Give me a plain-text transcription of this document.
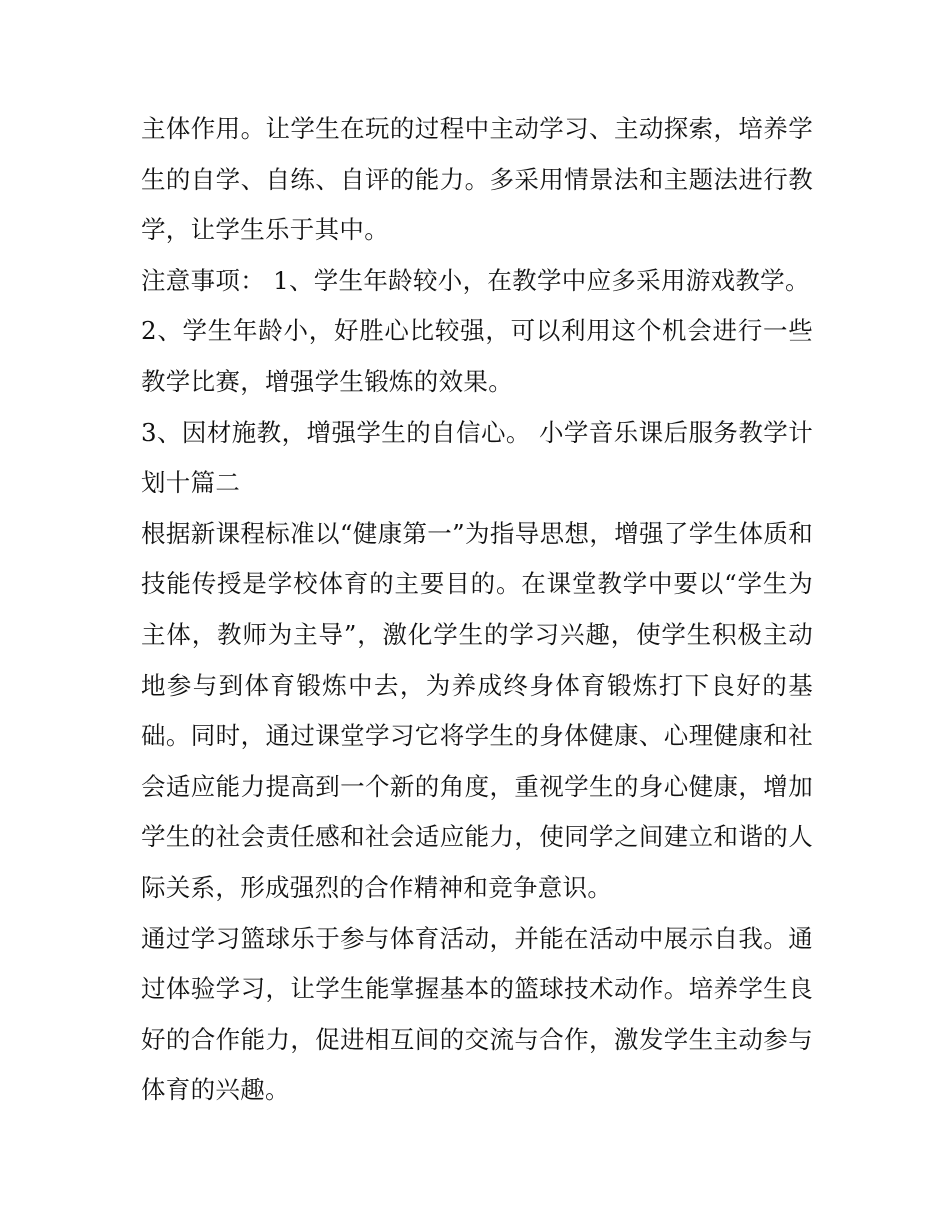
主体作用。让学生在玩的过程中主动学习、主动探索，培养学生的自学、自练、自评的能力。多采用情景法和主题法进行教学，让学生乐于其中。

注意事项： 1、学生年龄较小，在教学中应多采用游戏教学。

2、学生年龄小，好胜心比较强，可以利用这个机会进行一些教学比赛，增强学生锻炼的效果。

3、因材施教，增强学生的自信心。 小学音乐课后服务教学计划十篇二

根据新课程标准以“健康第一”为指导思想，增强了学生体质和技能传授是学校体育的主要目的。在课堂教学中要以“学生为主体，教师为主导”，激化学生的学习兴趣，使学生积极主动地参与到体育锻炼中去，为养成终身体育锻炼打下良好的基础。同时，通过课堂学习它将学生的身体健康、心理健康和社会适应能力提高到一个新的角度，重视学生的身心健康，增加学生的社会责任感和社会适应能力，使同学之间建立和谐的人际关系，形成强烈的合作精神和竞争意识。

通过学习篮球乐于参与体育活动，并能在活动中展示自我。通过体验学习，让学生能掌握基本的篮球技术动作。培养学生良好的合作能力，促进相互间的交流与合作，激发学生主动参与体育的兴趣。
